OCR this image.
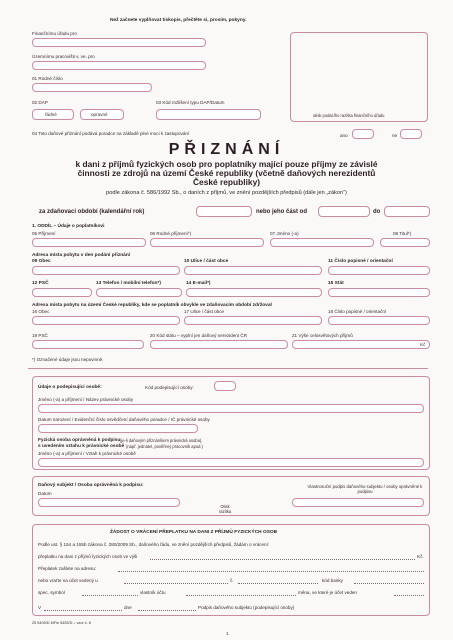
Než začnete vyplňovat tiskopis, přečtěte si, prosím, pokyny.
Finančnímu úřadu pro
Územnímu pracovišti v, ve, pro
01 Rodné číslo
02 DAP
řádné	opravné
03 Kód rozlišení typu DAP/Datum
otisk podacího razítka finančního úřadu
04 Toto daňové přiznání podává poradce na základě plné moci k zastupování	ano	ne
PŘIZNÁNÍ
k dani z příjmů fyzických osob pro poplatníky mající pouze příjmy ze závislé
činnosti ze zdrojů na území České republiky (včetně daňových nerezidentů
České republiky)
podle zákona č. 586/1992 Sb., o daních z příjmů, ve znění pozdějších předpisů (dále jen „zákon“)
za zdaňovací období (kalendářní rok)	nebo jeho část od	do
1. ODDÍL – Údaje o poplatníkovi
05 Příjmení	06 Rodné příjmení*)	07 Jméno (-a)	08 Titul*)
Adresa místa pobytu v den podání přiznání
09 Obec	10 Ulice / část obce	11 Číslo popisné / orientační
12 PSČ	13 Telefon / mobilní telefon*)	14 E-mail*)	15 Stát
Adresa místa pobytu na území České republiky, kde se poplatník obvykle ve zdaňovacím období zdržoval
16 Obec	17 Ulice / část obce	18 Číslo popisné / orientační
19 PSČ	20 Kód státu – vyplní jen daňový nerezident ČR	21 Výše celosvětových příjmů
Kč
*) Označené údaje jsou nepovinné.
Údaje o podepisující osobě:	Kód podepisující osoby:
Jméno (-a) a příjmení / Název právnické osoby
Datum narození / Evidenční číslo osvědčení daňového poradce / IČ právnické osoby
Fyzická osoba oprávněná k podpisu (je-li daňovým přiznáníkem právnická osoba),
s uvedením vztahu k právnické osobě (např. jednatel, pověřený pracovník apod.)
Jméno (-a) a příjmení / Vztah k právnické osobě
Daňový subjekt / Osoba oprávněná k podpisu:
Datum
Otisk razítka
Vlastnoruční podpis daňového subjektu / osoby oprávněné k podpisu
ŽÁDOST O VRÁCENÍ PŘEPLATKU NA DANI Z PŘÍJMŮ FYZICKÝCH OSOB
Podle ust. § 154 a 155b zákona č. 280/2009 Sb., daňového řádu, ve znění pozdějších předpisů, žádám o vrácení:
přeplatku na dani z příjmů fyzických osob ve výši	Kč.
Přeplatek zašlete na adresu:
nebo vraťte na účet vedený u	č.	kód banky
spec. symbol	vlastník účtu	měna, ve které je účet veden
V	dne	Podpis daňového subjektu (podepisující osoby)
25 5405/D MFin 5405/D – vzor č. 6
1
